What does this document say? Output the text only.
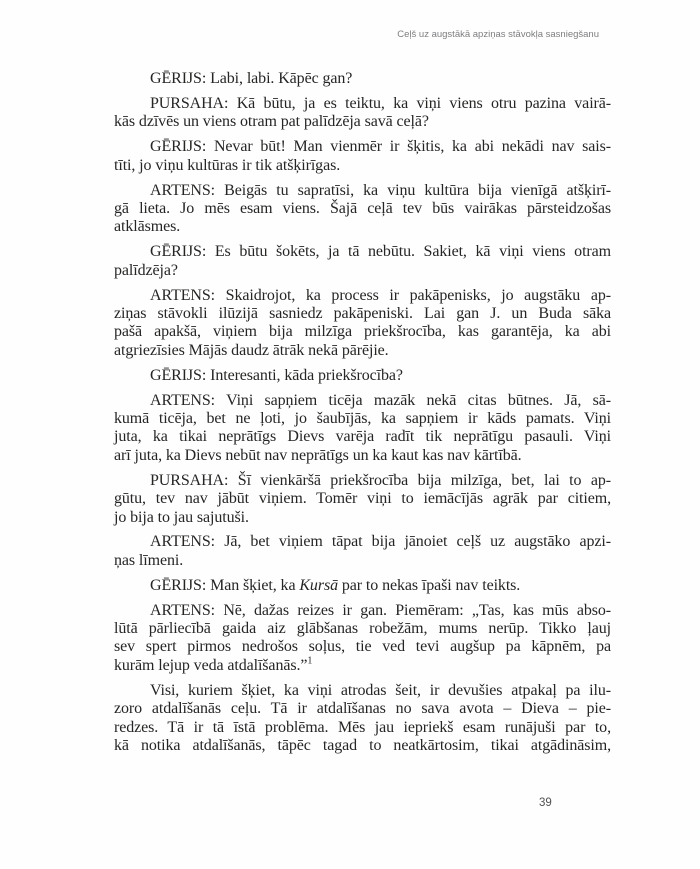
Ceļš uz augstākā apziņas stāvokļa sasniegšanu
GĒRIJS: Labi, labi. Kāpēc gan?
PURSAHA: Kā būtu, ja es teiktu, ka viņi viens otru pazina vairā-
kās dzīvēs un viens otram pat palīdzēja savā ceļā?
GĒRIJS: Nevar būt! Man vienmēr ir šķitis, ka abi nekādi nav sais-
tīti, jo viņu kultūras ir tik atšķirīgas.
ARTENS: Beigās tu sapratīsi, ka viņu kultūra bija vienīgā atšķirī-
gā lieta. Jo mēs esam viens. Šajā ceļā tev būs vairākas pārsteidzošas
atklāsmes.
GĒRIJS: Es būtu šokēts, ja tā nebūtu. Sakiet, kā viņi viens otram
palīdzēja?
ARTENS: Skaidrojot, ka process ir pakāpenisks, jo augstāku ap-
ziņas stāvokli ilūzijā sasniedz pakāpeniski. Lai gan J. un Buda sāka
pašā apakšā, viņiem bija milzīga priekšrocība, kas garantēja, ka abi
atgriezīsies Mājās daudz ātrāk nekā pārējie.
GĒRIJS: Interesanti, kāda priekšrocība?
ARTENS: Viņi sapņiem ticēja mazāk nekā citas būtnes. Jā, sā-
kumā ticēja, bet ne ļoti, jo šaubījās, ka sapņiem ir kāds pamats. Viņi
juta, ka tikai neprātīgs Dievs varēja radīt tik neprātīgu pasauli. Viņi
arī juta, ka Dievs nebūt nav neprātīgs un ka kaut kas nav kārtībā.
PURSAHA: Šī vienkāršā priekšrocība bija milzīga, bet, lai to ap-
gūtu, tev nav jābūt viņiem. Tomēr viņi to iemācījās agrāk par citiem,
jo bija to jau sajutuši.
ARTENS: Jā, bet viņiem tāpat bija jānoiet ceļš uz augstāko apzi-
ņas līmeni.
GĒRIJS: Man šķiet, ka Kursā par to nekas īpaši nav teikts.
ARTENS: Nē, dažas reizes ir gan. Piemēram: „Tas, kas mūs abso-
lūtā pārliecībā gaida aiz glābšanas robežām, mums nerūp. Tikko ļauj
sev spert pirmos nedrošos soļus, tie ved tevi augšup pa kāpnēm, pa
kurām lejup veda atdalīšanās.”$^1$
Visi, kuriem šķiet, ka viņi atrodas šeit, ir devušies atpakaļ pa ilu-
zoro atdalīšanās ceļu. Tā ir atdalīšanas no sava avota – Dieva – pie-
redzes. Tā ir tā īstā problēma. Mēs jau iepriekš esam runājuši par to,
kā notika atdalīšanās, tāpēc tagad to neatkārtosim, tikai atgādināsim,
39
